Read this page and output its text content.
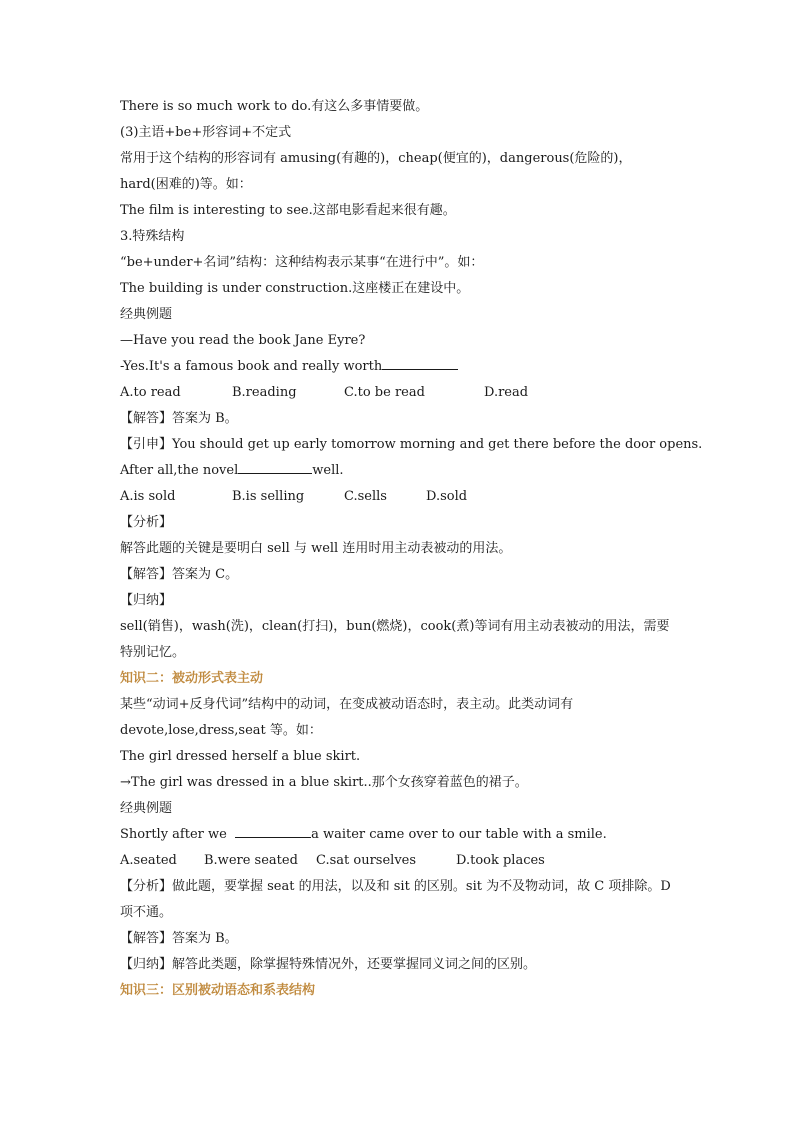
There is so much work to do.有这么多事情要做。
(3)主语+be+形容词+不定式
常用于这个结构的形容词有 amusing(有趣的)，cheap(便宜的)，dangerous(危险的)，hard(困难的)等。如：
The film is interesting to see.这部电影看起来很有趣。
3.特殊结构
“be+under+名词”结构：这种结构表示某事“在进行中”。如：
The building is under construction.这座楼正在建设中。
经典例题
—Have you read the book Jane Eyre?
-Yes.It's a famous book and really worth
A.to read	B.reading	C.to be read	D.read
【解答】答案为 B。
【引申】You should get up early tomorrow morning and get there before the door opens.
After all,the novel	well.
A.is sold	B.is selling	C.sells	D.sold
【分析】
解答此题的关键是要明白 sell 与 well 连用时用主动表被动的用法。
【解答】答案为 C。
【归纳】
sell(销售)，wash(洗)，clean(打扫)，bun(燃烧)，cook(煮)等词有用主动表被动的用法，需要特别记忆。
知识二：被动形式表主动
某些“动词+反身代词”结构中的动词，在变成被动语态时，表主动。此类动词有
devote,lose,dress,seat 等。如：
The girl dressed herself a blue skirt.
→The girl was dressed in a blue skirt..那个女孩穿着蓝色的裙子。
经典例题
Shortly after we	a waiter came over to our table with a smile.
A.seated B.were seated C.sat ourselves	D.took places
【分析】做此题，要掌握 seat 的用法，以及和 sit 的区别。sit 为不及物动词，故 C 项排除。D 项不通。
【解答】答案为 B。
【归纳】解答此类题，除掌握特殊情况外，还要掌握同义词之间的区别。
知识三：区别被动语态和系表结构
